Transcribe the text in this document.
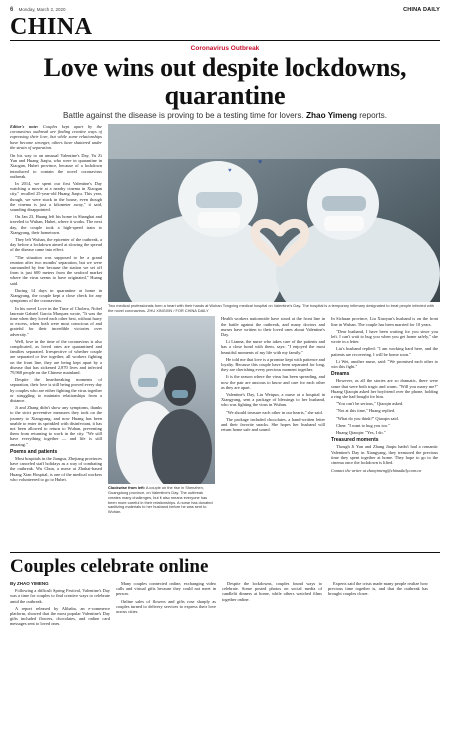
6 Monday, March 2, 2020	CHINA DAILY
CHINA
Coronavirus Outbreak
Love wins out despite lockdowns, quarantine
Battle against the disease is proving to be a testing time for lovers. Zhao Yimeng reports.
Editor's note: Couples kept apart by the coronavirus outbreak are finding creative ways of expressing their love, but while some relationships have become stronger, others have shattered under the strain of separation.

On his way to an unusual Valentine's Day, Yu Zi Yun and Huang Jiaqiu, who were in quarantine in Xiaogan, Hubei province, because of a lockdown introduced to contain the novel coronavirus outbreak.

In 2014, we spent our first Valentine's Day watching a movie at a nearby cinema in Xiaogan city," recalled 25-year-old Huang Jiaqiu. This year, though, we were stuck in the house, even though the cinema is just a kilometer away," it said, sounding disappointed.

On Jan 23, Huang left his home in Shanghai and traveled to Wuhan, Hubei, where it works. The next day, the couple took a high-speed train to Xiangyang, their hometown.

They left Wuhan, the epicenter of the outbreak, a day before a lockdown aimed at slowing the spread of the disease came into effect.

"The situation was supposed to be a grand reunion after two months' separation, but we were surrounded by fear because the station we set off from is just 600 meters from the seafood market where the virus seems to have originated," Huang said.

During 14 days in quarantine at home in Xiangyang, the couple kept a close check for any symptoms of the coronavirus.

In his novel Love in the Time of Cholera, Nobel laureate Gabriel Garcia Marquez wrote, "It was the time when they loved each other best, without hurry or excess, when both were most conscious of and grateful for their incredible victories over adversity."

Well, love in the time of the coronavirus is also complicated, as loved ones are quarantined and families separated. Irrespective of whether couple are separated or live together, all workers fighting on the front line, they are being kept apart by a disease that has sickened 2,870 lives and infected 79,968 people on the Chinese mainland.

Despite the heartbreaking moments of separation, their love is still being proved every day by couples who are either fighting the virus together or struggling to maintain relationships from a distance.

Ji and Zhang didn't show any symptoms, thanks to the strict preventive measures they took on the journey to Xiangyang, and now Huang has been unable to enter its sprinkled with disinfectant, it has not been allowed to return to Wuhan, preventing them from returning to work in the city. "We still have everything together — and life is still amazing."

Poems and patients

Most hospitals in the Jiangsu, Zhejiang provinces have canceled staff holidays as a way of combating the outbreak. Wu Chun, a nurse at Zhuhai-based Huang Xian Hospital, is one of the medical workers who volunteered to go to Hubei.

♥
♥
Two medical professionals form a heart with their hands at Wuhan Tongxing medical hospital on Valentine's Day. The hospital is a temporary infirmary designated to treat people infected with the novel coronavirus. ZHU XINGXIN / FOR CHINA DAILY
Clockwise from left: A couple on the rise in Shenzhen, Guangdong province, on Valentine's Day. The outbreak creates many challenges, but it also means everyone has been more careful in their relationships. A nurse has donated sanitizing materials to her husband before he was sent to Wuhan.

Health workers nationwide have stood at the front line in the battle against the outbreak, and many doctors and nurses have written to their loved ones about Valentine's Day.

Li Lianna, the nurse who takes care of the patients and has a close bond with them, says: "I enjoyed the most beautiful moments of my life with my family."

He told me that love is a promise kept with patience and loyalty. Because this couple have been separated for long, they are cherishing every precious moment together.

It is the season where the virus has been spreading, and now the pair are anxious to know and care for each other as they are apart.

Valentine's Day, Liu Weiqun, a nurse at a hospital in Xiangyang, sent a package of blessings to her husband, who was fighting the virus in Wuhan.

"We should treasure each other in our hearts," she said.

The package included chocolates, a hand-written letter and their favorite snacks. She hopes her husband will return home safe and sound.

In Sichuan province, Liu Xiaoyan's husband is on the front line in Wuhan. The couple has been married for 10 years.

"Dear husband, I have been waiting for you since you left. I can't wait to hug you when you get home safely," she wrote in a letter.

Liu's husband replied: "I am working hard here, and the patients are recovering. I will be home soon."

Li Wei, another nurse, said: "We promised each other to win this fight."

Dreams

However, as all the stories are so dramatic, there were some that were both tragic and warm. "Will you marry me?" Huang Qiaoqin asked her boyfriend over the phone, holding a ring she had bought for him.

"You can't be serious," Qiaoqin asked.

"Not at this time," Huang replied.

"What do you think?" Qiaoqin said.

Chen: "I want to hug you too."

Huang Qiaoqin: "Yes, I do."

Treasured moments

Though Ji Yun and Zhang Jiaqiu hadn't had a romantic Valentine's Day in Xiangyang, they treasured the precious time they spent together at home. They hope to go to the cinema once the lockdown is lifted.

Contact the writer at zhaoyimeng@chinadaily.com.cn
Couples celebrate online
By ZHAO YIMENG

Following a difficult Spring Festival, Valentine's Day was a time for couples to find creative ways to celebrate amid the outbreak.

A report released by Alibaba, an e-commerce platform, showed that the most popular Valentine's Day gifts included flowers, chocolates, and online card messages sent to loved ones.

Many couples connected online, exchanging video calls and virtual gifts because they could not meet in person.

Online sales of flowers and gifts rose sharply as couples turned to delivery services to express their love across cities.

Despite the lockdowns, couples found ways to celebrate. Some posted photos on social media of candlelit dinners at home, while others watched films together online.

Experts said the crisis made many people realize how precious time together is, and that the outbreak has brought couples closer.
